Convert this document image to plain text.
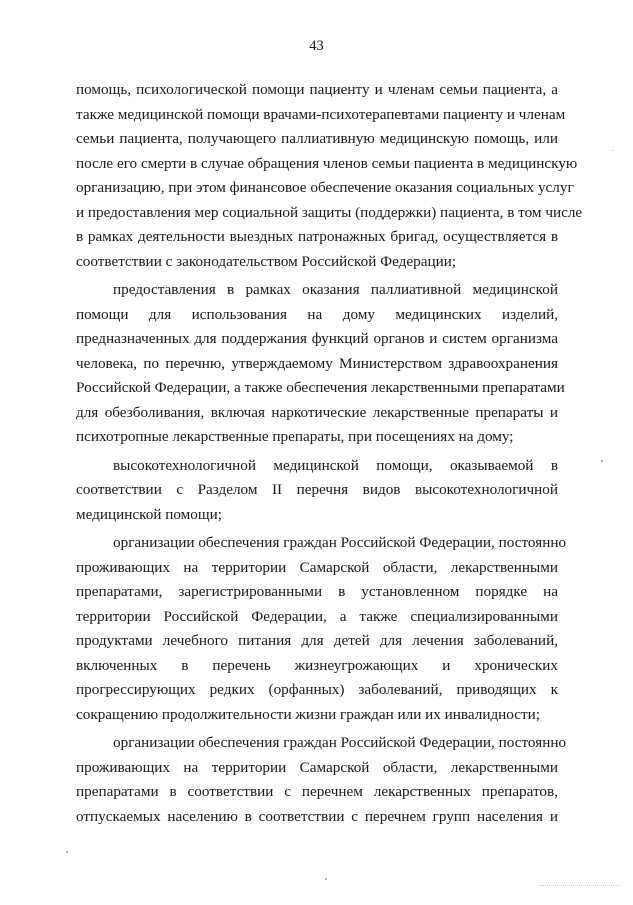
43
помощь, психологической помощи пациенту и членам семьи пациента, а
также медицинской помощи врачами-психотерапевтами пациенту и членам
семьи пациента, получающего паллиативную медицинскую помощь, или
после его смерти в случае обращения членов семьи пациента в медицинскую
организацию, при этом финансовое обеспечение оказания социальных услуг
и предоставления мер социальной защиты (поддержки) пациента, в том числе
в рамках деятельности выездных патронажных бригад, осуществляется в
соответствии с законодательством Российской Федерации;
предоставления в рамках оказания паллиативной медицинской
помощи для использования на дому медицинских изделий,
предназначенных для поддержания функций органов и систем организма
человека, по перечню, утверждаемому Министерством здравоохранения
Российской Федерации, а также обеспечения лекарственными препаратами
для обезболивания, включая наркотические лекарственные препараты и
психотропные лекарственные препараты, при посещениях на дому;
высокотехнологичной медицинской помощи, оказываемой в
соответствии с Разделом II перечня видов высокотехнологичной
медицинской помощи;
организации обеспечения граждан Российской Федерации, постоянно
проживающих на территории Самарской области, лекарственными
препаратами, зарегистрированными в установленном порядке на
территории Российской Федерации, а также специализированными
продуктами лечебного питания для детей для лечения заболеваний,
включенных в перечень жизнеугрожающих и хронических
прогрессирующих редких (орфанных) заболеваний, приводящих к
сокращению продолжительности жизни граждан или их инвалидности;
организации обеспечения граждан Российской Федерации, постоянно
проживающих на территории Самарской области, лекарственными
препаратами в соответствии с перечнем лекарственных препаратов,
отпускаемых населению в соответствии с перечнем групп населения и
